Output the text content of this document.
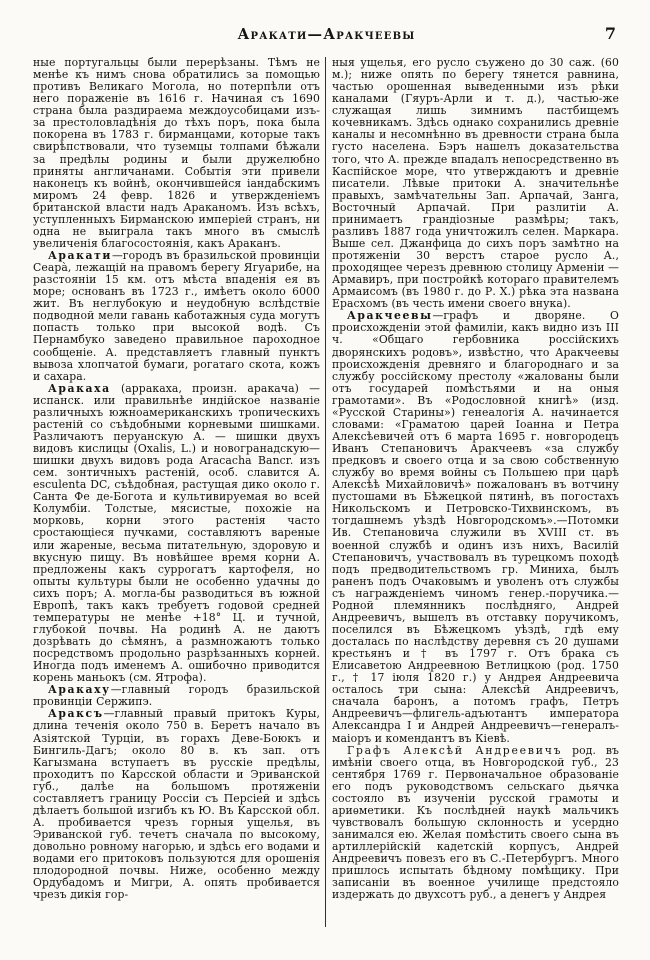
Аракати—Аракчеевы	7

ные португальцы были перерѣзаны. Тѣмъ не менѣе къ нимъ снова обратились за помощью противъ Великаго Могола, но потерпѣли отъ него пораженіе въ 1616 г. Начиная съ 1690 страна была раздираема междоусобицами изъ-за престоловладѣнія до тѣхъ поръ, пока была покорена въ 1783 г. бирманцами, которые такъ свирѣпствовали, что туземцы толпами бѣжали за предѣлы родины и были дружелюбно приняты англичанами. Событія эти привели наконецъ къ войнѣ, окончившейся іандабскимъ миромъ 24 февр. 1826 и утвержденіемъ британской власти надъ Араканомъ. Изъ всѣхъ, уступленныхъ Бирманскою имперіей странъ, ни одна не выиграла такъ много въ смыслѣ увеличенія благосостоянія, какъ Араканъ.

Аракати—городъ въ бразильской провинціи Сеара̀, лежащій на правомъ берегу Ягуарибе, на разстояніи 15 км. отъ мѣста впаденія ея въ море; основанъ въ 1723 г., имѣетъ около 6000 жит. Въ неглубокую и неудобную вслѣдствіе подводной мели гавань каботажныя суда могутъ попасть только при высокой водѣ. Съ Пернамбуко заведено правильное пароходное сообщеніе. А. представляетъ главный пунктъ вывоза хлопчатой бумаги, рогатаго скота, кожъ и сахара.

Аракаха (арракаха, произн. аракача) — испанск. или правильнѣе индійское названіе различныхъ южноамериканскихъ тропическихъ растеній со съѣдобными корневыми шишками. Различаютъ перуанскую А. — шишки двухъ видовъ кислицы (Oxalis, L.) и новогранадскую—шишки двухъ видовъ рода Aracacha Bancr. изъ сем. зонтичныхъ растеній, особ. славится A. esculenta DC, съѣдобная, растущая дико около г. Санта Фе де-Богота и культивируемая во всей Колумбіи. Толстые, мясистые, похожіе на морковь, корни этого растенія часто сростающіеся пучками, составляютъ вареные или жареные, весьма питательную, здоровую и вкусную пищу. Въ новѣйшее время корни А. предложены какъ суррогатъ картофеля, но опыты культуры были не особенно удачны до сихъ поръ; А. могла-бы разводиться въ южной Европѣ, такъ какъ требуетъ годовой средней температуры не менѣе +18° Ц. и тучной, глубокой почвы. На родинѣ А. не даютъ дозрѣвать до сѣмянъ, а размножаютъ только посредствомъ продольно разрѣзанныхъ корней. Иногда подъ именемъ А. ошибочно приводится корень маньокъ (см. Ятрофа).

Аракаху—главный городъ бразильской провинціи Сержипэ.

Араксъ—главный правый притокъ Куры, длина теченія около 750 в. Беретъ начало въ Азіятской Турціи, въ горахъ Деве-Боюкъ и Бингиль-Дагъ; около 80 в. къ зап. отъ Кагызмана вступаетъ въ русскіе предѣлы, проходитъ по Карсской области и Эриванской губ., далѣе на большомъ протяженіи составляетъ границу Россіи съ Персіей и здѣсь дѣлаетъ большой изгибъ къ Ю. Въ Карсской обл. А. пробивается чрезъ горныя ущелья, въ Эриванской губ. течетъ сначала по высокому, довольно ровному нагорью, и здѣсь его водами и водами его притоковъ пользуются для орошенія плодородной почвы. Ниже, особенно между Ордубадомъ и Мигри, А. опять пробивается чрезъ дикія гор-

ныя ущелья, его русло съужено до 30 саж. (60 м.); ниже опять по берегу тянется равнина, частью орошенная выведенными изъ рѣки каналами (Гяуръ-Арли и т. д.), частью-же служащая лишь зимнимъ пастбищемъ кочевникамъ. Здѣсь однако сохранились древніе каналы и несомнѣнно въ древности страна была густо населена. Бэръ нашелъ доказательства того, что А. прежде впадалъ непосредственно въ Каспійское море, что утверждаютъ и древніе писатели. Лѣвые притоки А. значительнѣе правыхъ, замѣчательны Зап. Арпачай, Занга, Восточный Арпачай. При разлитіи А. принимаетъ грандіозные размѣры; такъ, разливъ 1887 года уничтожилъ селен. Маркара. Выше сел. Джанфица до сихъ поръ замѣтно на протяженіи 30 верстъ старое русло А., проходящее черезъ древнюю столицу Арменіи — Армавиръ, при постройкѣ котораго правителемъ Армаисомъ (въ 1980 г. до Р. Х.) рѣка эта названа Ерасхомъ (въ честь имени своего внука).

Аракчеевы—графъ и дворяне. О происхожденіи этой фамиліи, какъ видно изъ III ч. «Общаго гербовника россійскихъ дворянскихъ родовъ», извѣстно, что Аракчеевы происхожденія древняго и благороднаго и за службу россійскому престолу «жалованы были отъ государей помѣстьями и на оныя грамотами». Въ «Родословной книгѣ» (изд. «Русской Старины») генеалогія А. начинается словами: «Граматою царей Іоанна и Петра Алексѣевичей отъ 6 марта 1695 г. новгородецъ Иванъ Степановичъ Аракчеевъ «за службу предковъ и своего отца и за свою собственную службу во время войны съ Польшею при царѣ Алексѣѣ Михайловичѣ» пожалованъ въ вотчину пустошами въ Бѣжецкой пятинѣ, въ погостахъ Никольскомъ и Петровско-Тихвинскомъ, въ тогдашнемъ уѣздѣ Новгородскомъ».—Потомки Ив. Степановича служили въ XVIII ст. въ военной службѣ и одинъ изъ нихъ, Василій Степановичъ, участвовалъ въ турецкомъ походѣ подъ предводительствомъ гр. Миниха, былъ раненъ подъ Очаковымъ и уволенъ отъ службы съ награжденіемъ чиномъ генер.-поручика.—Родной племянникъ послѣдняго, Андрей Андреевичъ, вышелъ въ отставку поручикомъ, поселился въ Бѣжецкомъ уѣздѣ, гдѣ ему досталась по наслѣдству деревня съ 20 душами крестьянъ и † въ 1797 г. Отъ брака съ Елисаветою Андреевною Ветлицкою (род. 1750 г., † 17 іюля 1820 г.) у Андрея Андреевича осталось три сына: Алексѣй Андреевичъ, сначала баронъ, а потомъ графъ, Петръ Андреевичъ—флигель-адъютантъ императора Александра I и Андрей Андреевичъ—генералъ-маіоръ и комендантъ въ Кіевѣ.

Графъ Алексѣй Андреевичъ род. въ имѣніи своего отца, въ Новгородской губ., 23 сентября 1769 г. Первоначальное образованіе его подъ руководствомъ сельскаго дьячка состояло въ изученіи русской грамоты и ариѳметики. Къ послѣдней наукѣ мальчикъ чувствовалъ большую склонность и усердно занимался ею. Желая помѣстить своего сына въ артиллерійскій кадетскій корпусъ, Андрей Андреевичъ повезъ его въ С.-Петербургъ. Много пришлось испытать бѣдному помѣщику. При записаніи въ военное училище предстояло издержать до двухсотъ руб., а денегъ у Андрея
